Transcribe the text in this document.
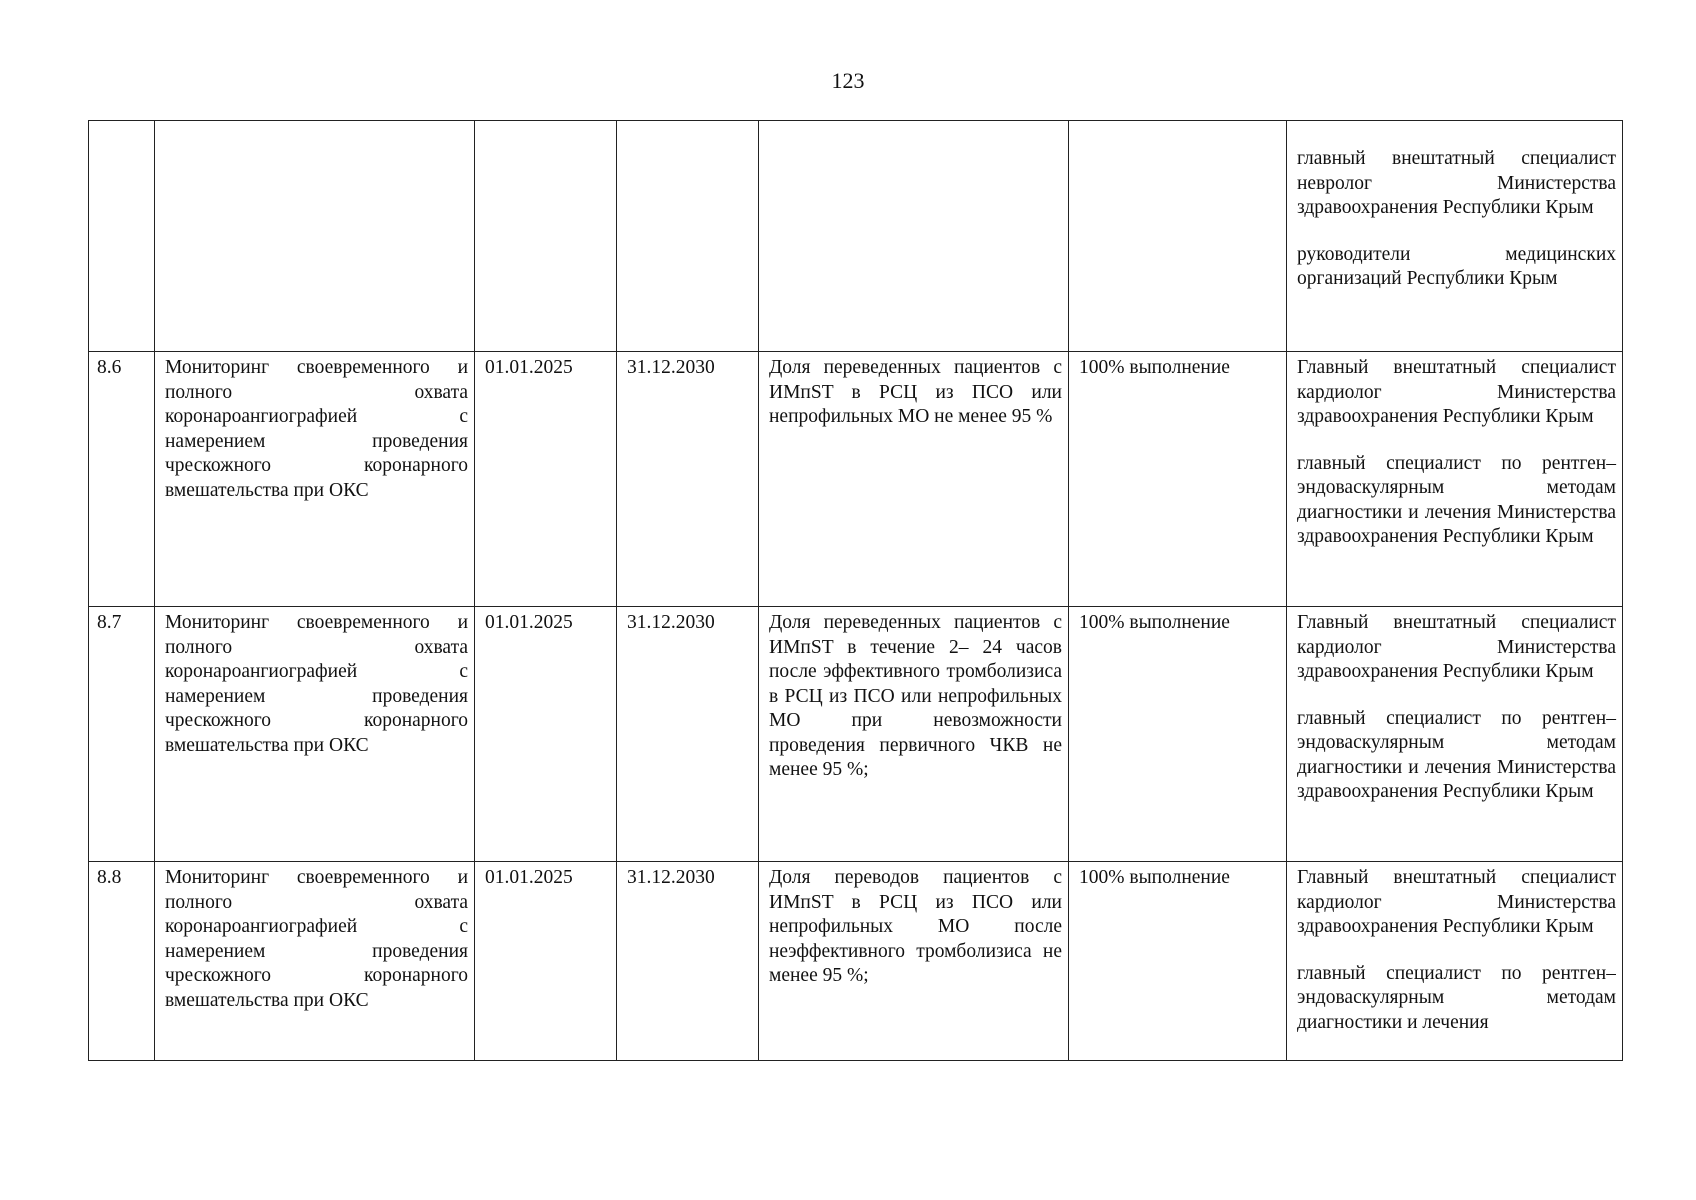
123

						главный внештатный специалист невролог Министерства здравоохранения Республики Крым
руководители медицинских организаций Республики Крым

8.6	Мониторинг своевременного и полного охвата коронароангиографией с намерением проведения чрескожного коронарного вмешательства при ОКС	01.01.2025	31.12.2030	Доля переведенных пациентов с ИМпST в РСЦ из ПСО или непрофильных МО не менее 95 %	100% выполнение	Главный внештатный специалист кардиолог Министерства здравоохранения Республики Крым
главный специалист по рентген–эндоваскулярным методам диагностики и лечения Министерства здравоохранения Республики Крым

8.7	Мониторинг своевременного и полного охвата коронароангиографией с намерением проведения чрескожного коронарного вмешательства при ОКС	01.01.2025	31.12.2030	Доля переведенных пациентов с ИМпST в течение 2– 24 часов после эффективного тромболизиса в РСЦ из ПСО или непрофильных МО при невозможности проведения первичного ЧКВ не менее 95 %;	100% выполнение	Главный внештатный специалист кардиолог Министерства здравоохранения Республики Крым
главный специалист по рентген–эндоваскулярным методам диагностики и лечения Министерства здравоохранения Республики Крым

8.8	Мониторинг своевременного и полного охвата коронароангиографией с намерением проведения чрескожного коронарного вмешательства при ОКС	01.01.2025	31.12.2030	Доля переводов пациентов с ИМпST в РСЦ из ПСО или непрофильных МО после неэффективного тромболизиса не менее 95 %;	100% выполнение	Главный внештатный специалист кардиолог Министерства здравоохранения Республики Крым
главный специалист по рентген–эндоваскулярным методам диагностики и лечения
